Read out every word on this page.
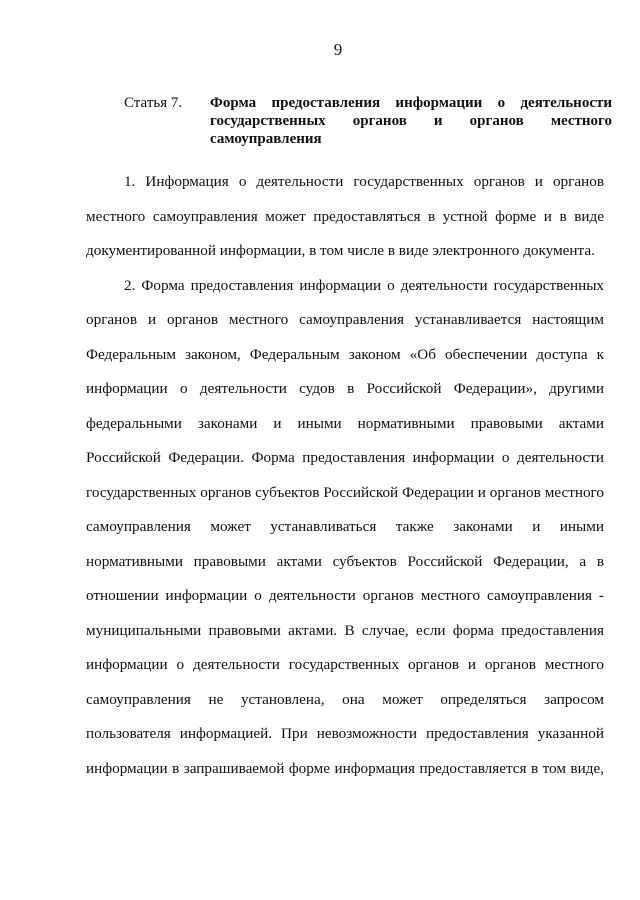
9
Статья 7.	Форма предоставления информации о деятельности государственных органов и органов местного самоуправления
1. Информация о деятельности государственных органов и органов
местного самоуправления может предоставляться в устной форме и в виде
документированной информации, в том числе в виде электронного документа.
2. Форма предоставления информации о деятельности государственных
органов и органов местного самоуправления устанавливается настоящим
Федеральным законом, Федеральным законом «Об обеспечении доступа к
информации о деятельности судов в Российской Федерации», другими
федеральными законами и иными нормативными правовыми актами
Российской Федерации. Форма предоставления информации о деятельности
государственных органов субъектов Российской Федерации и органов местного
самоуправления может устанавливаться также законами и иными
нормативными правовыми актами субъектов Российской Федерации, а в
отношении информации о деятельности органов местного самоуправления -
муниципальными правовыми актами. В случае, если форма предоставления
информации о деятельности государственных органов и органов местного
самоуправления не установлена, она может определяться запросом
пользователя информацией. При невозможности предоставления указанной
информации в запрашиваемой форме информация предоставляется в том виде,
